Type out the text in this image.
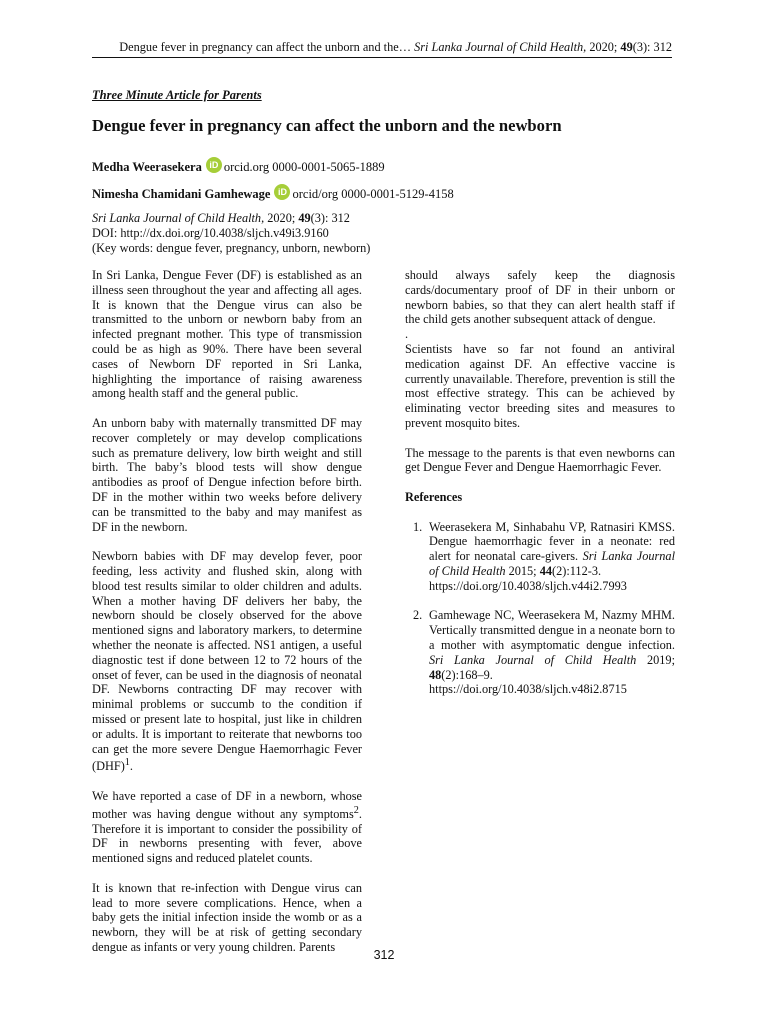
Dengue fever in pregnancy can affect the unborn and the… Sri Lanka Journal of Child Health, 2020; 49(3): 312
Three Minute Article for Parents
Dengue fever in pregnancy can affect the unborn and the newborn
Medha Weerasekera iD orcid.org 0000-0001-5065-1889
Nimesha Chamidani Gamhewage iD orcid/org 0000-0001-5129-4158
Sri Lanka Journal of Child Health, 2020; 49(3): 312
DOI: http://dx.doi.org/10.4038/sljch.v49i3.9160
(Key words: dengue fever, pregnancy, unborn, newborn)

In Sri Lanka, Dengue Fever (DF) is established as an illness seen throughout the year and affecting all ages. It is known that the Dengue virus can also be transmitted to the unborn or newborn baby from an infected pregnant mother. This type of transmission could be as high as 90%. There have been several cases of Newborn DF reported in Sri Lanka, highlighting the importance of raising awareness among health staff and the general public.

An unborn baby with maternally transmitted DF may recover completely or may develop complications such as premature delivery, low birth weight and still birth. The baby’s blood tests will show dengue antibodies as proof of Dengue infection before birth. DF in the mother within two weeks before delivery can be transmitted to the baby and may manifest as DF in the newborn.

Newborn babies with DF may develop fever, poor feeding, less activity and flushed skin, along with blood test results similar to older children and adults. When a mother having DF delivers her baby, the newborn should be closely observed for the above mentioned signs and laboratory markers, to determine whether the neonate is affected. NS1 antigen, a useful diagnostic test if done between 12 to 72 hours of the onset of fever, can be used in the diagnosis of neonatal DF. Newborns contracting DF may recover with minimal problems or succumb to the condition if missed or present late to hospital, just like in children or adults. It is important to reiterate that newborns too can get the more severe Dengue Haemorrhagic Fever (DHF)$^1$.

We have reported a case of DF in a newborn, whose mother was having dengue without any symptoms$^2$. Therefore it is important to consider the possibility of DF in newborns presenting with fever, above mentioned signs and reduced platelet counts.

It is known that re-infection with Dengue virus can lead to more severe complications. Hence, when a baby gets the initial infection inside the womb or as a newborn, they will be at risk of getting secondary dengue as infants or very young children. Parents

should always safely keep the diagnosis cards/documentary proof of DF in their unborn or newborn babies, so that they can alert health staff if the child gets another subsequent attack of dengue.

.

Scientists have so far not found an antiviral medication against DF. An effective vaccine is currently unavailable. Therefore, prevention is still the most effective strategy. This can be achieved by eliminating vector breeding sites and measures to prevent mosquito bites.

The message to the parents is that even newborns can get Dengue Fever and Dengue Haemorrhagic Fever.

References

1. Weerasekera M, Sinhabahu VP, Ratnasiri KMSS. Dengue haemorrhagic fever in a neonate: red alert for neonatal care-givers. Sri Lanka Journal of Child Health 2015; 44(2):112-3.
https://doi.org/10.4038/sljch.v44i2.7993
2. Gamhewage NC, Weerasekera M, Nazmy MHM. Vertically transmitted dengue in a neonate born to a mother with asymptomatic dengue infection. Sri Lanka Journal of Child Health 2019; 48(2):168–9.
https://doi.org/10.4038/sljch.v48i2.8715
312
